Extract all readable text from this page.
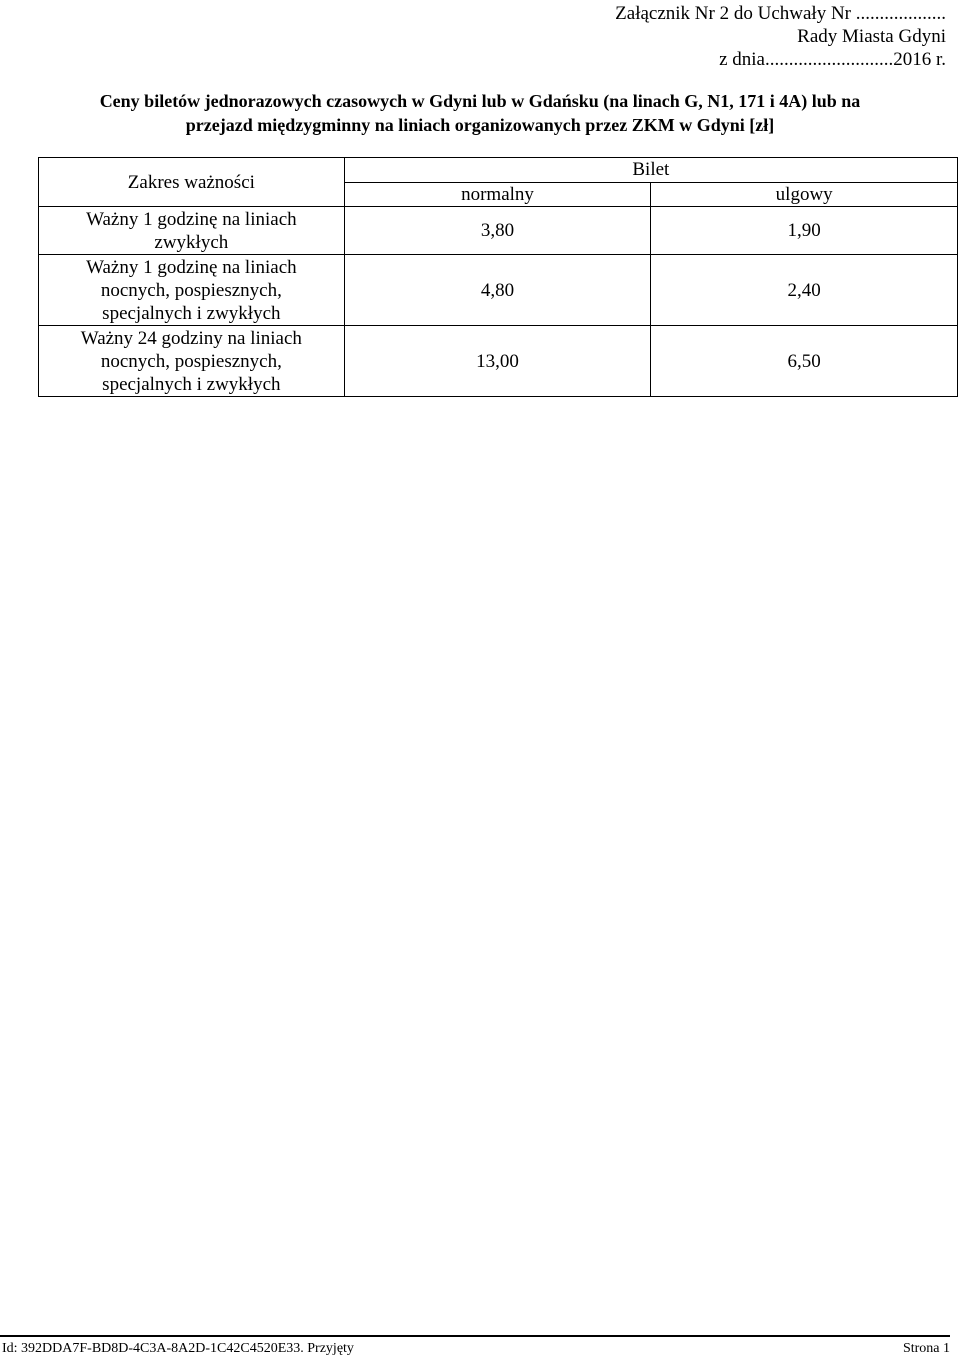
Załącznik Nr 2 do Uchwały Nr ...................
Rady Miasta Gdyni
z dnia...........................2016 r.
Ceny biletów jednorazowych czasowych w Gdyni lub w Gdańsku (na linach G, N1, 171 i 4A) lub na
przejazd międzygminny na liniach organizowanych przez ZKM w Gdyni [zł]
Zakres ważności	Bilet	
	normalny	ulgowy

Ważny 1 godzinę na liniach
zwykłych	3,80	1,90

Ważny 1 godzinę na liniach
nocnych, pospiesznych,
specjalnych i zwykłych	4,80	2,40

Ważny 24 godziny na liniach
nocnych, pospiesznych,
specjalnych i zwykłych	13,00	6,50
Id: 392DDA7F-BD8D-4C3A-8A2D-1C42C4520E33. Przyjęty	Strona 1
